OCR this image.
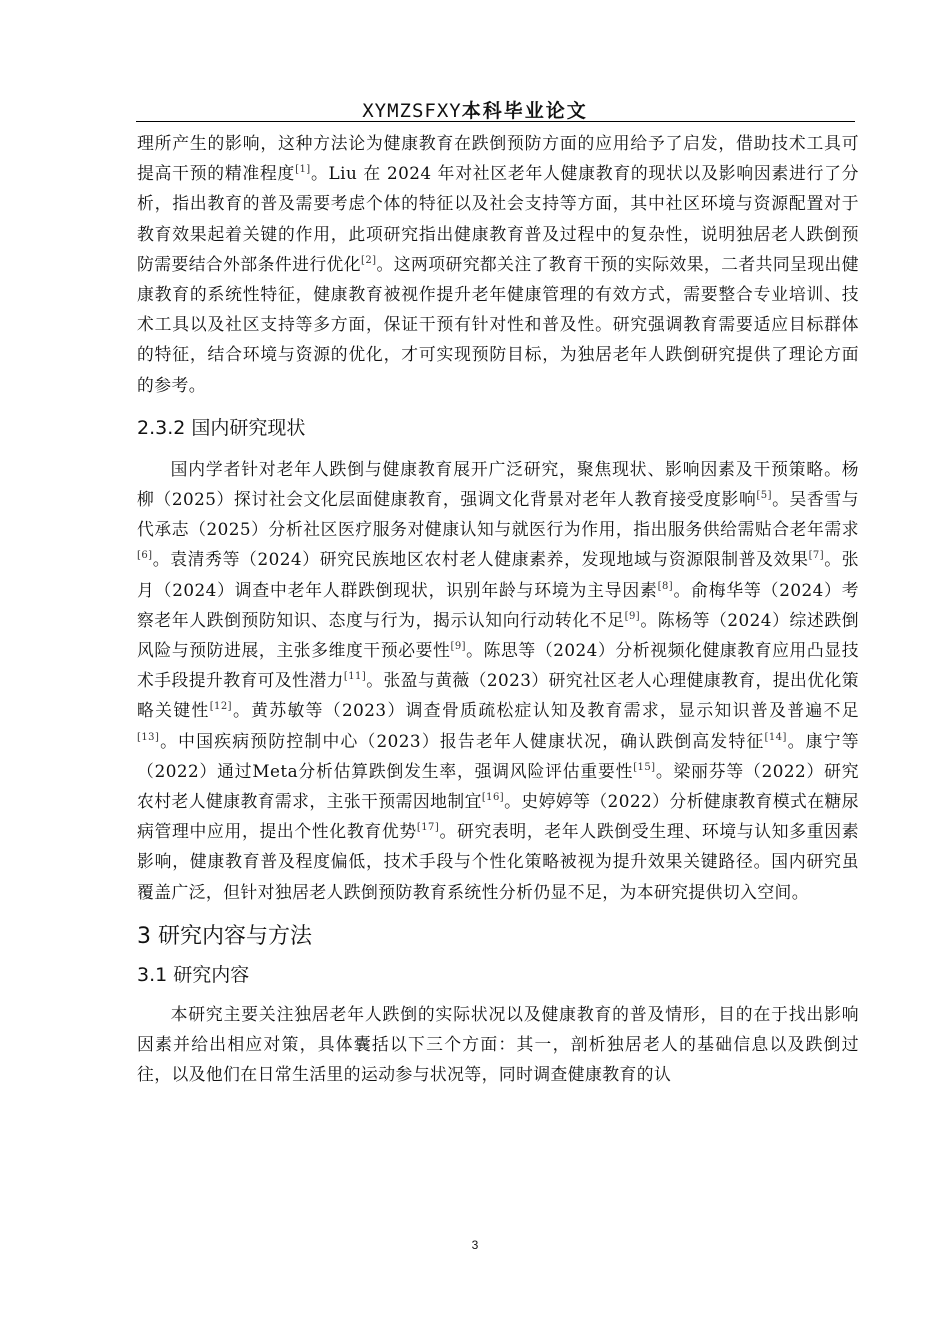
XYMZSFXY本科毕业论文

理所产生的影响，这种方法论为健康教育在跌倒预防方面的应用给予了启发，借助技术工具可提高干预的精准程度[1]。Liu 在 2024 年对社区老年人健康教育的现状以及影响因素进行了分析，指出教育的普及需要考虑个体的特征以及社会支持等方面，其中社区环境与资源配置对于教育效果起着关键的作用，此项研究指出健康教育普及过程中的复杂性，说明独居老人跌倒预防需要结合外部条件进行优化[2]。这两项研究都关注了教育干预的实际效果，二者共同呈现出健康教育的系统性特征，健康教育被视作提升老年健康管理的有效方式，需要整合专业培训、技术工具以及社区支持等多方面，保证干预有针对性和普及性。研究强调教育需要适应目标群体的特征，结合环境与资源的优化，才可实现预防目标，为独居老年人跌倒研究提供了理论方面的参考。

2.3.2 国内研究现状

国内学者针对老年人跌倒与健康教育展开广泛研究，聚焦现状、影响因素及干预策略。杨柳（2025）探讨社会文化层面健康教育，强调文化背景对老年人教育接受度影响[5]。吴香雪与代承志（2025）分析社区医疗服务对健康认知与就医行为作用，指出服务供给需贴合老年需求[6]。袁清秀等（2024）研究民族地区农村老人健康素养，发现地域与资源限制普及效果[7]。张月（2024）调查中老年人群跌倒现状，识别年龄与环境为主导因素[8]。俞梅华等（2024）考察老年人跌倒预防知识、态度与行为，揭示认知向行动转化不足[9]。陈杨等（2024）综述跌倒风险与预防进展，主张多维度干预必要性[9]。陈思等（2024）分析视频化健康教育应用凸显技术手段提升教育可及性潜力[11]。张盈与黄薇（2023）研究社区老人心理健康教育，提出优化策略关键性[12]。黄苏敏等（2023）调查骨质疏松症认知及教育需求，显示知识普及普遍不足[13]。中国疾病预防控制中心（2023）报告老年人健康状况，确认跌倒高发特征[14]。康宁等（2022）通过Meta分析估算跌倒发生率，强调风险评估重要性[15]。梁丽芬等（2022）研究农村老人健康教育需求，主张干预需因地制宜[16]。史婷婷等（2022）分析健康教育模式在糖尿病管理中应用，提出个性化教育优势[17]。研究表明，老年人跌倒受生理、环境与认知多重因素影响，健康教育普及程度偏低，技术手段与个性化策略被视为提升效果关键路径。国内研究虽覆盖广泛，但针对独居老人跌倒预防教育系统性分析仍显不足，为本研究提供切入空间。

3 研究内容与方法
3.1 研究内容

本研究主要关注独居老年人跌倒的实际状况以及健康教育的普及情形，目的在于找出影响因素并给出相应对策，具体囊括以下三个方面：其一，剖析独居老人的基础信息以及跌倒过往，以及他们在日常生活里的运动参与状况等，同时调查健康教育的认

3
